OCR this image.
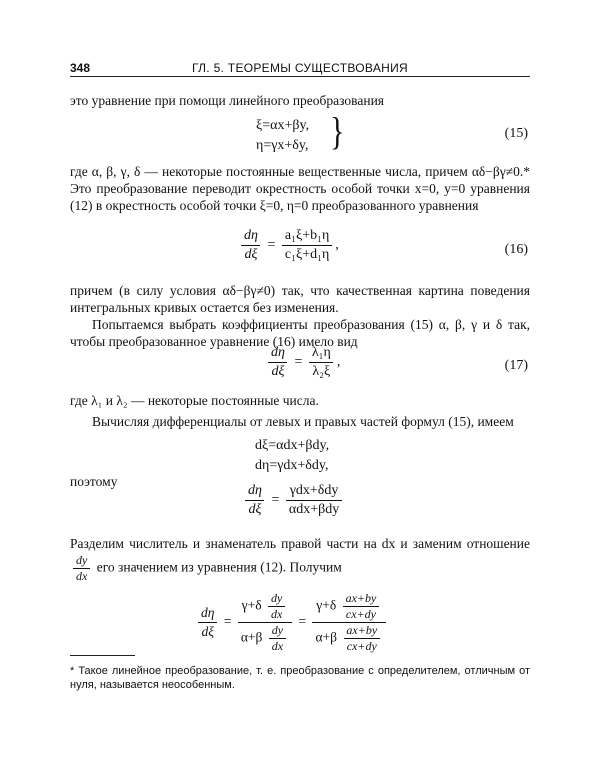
348	ГЛ. 5. ТЕОРЕМЫ СУЩЕСТВОВАНИЯ
это уравнение при помощи линейного преобразования
ξ=αx+βy,
η=γx+δy, }	(15)
где α, β, γ, δ — некоторые постоянные вещественные числа, причем αδ−βγ≠0.* Это преобразование переводит окрестность особой точки x=0, y=0 уравнения (12) в окрестность особой точки ξ=0, η=0 преобразованного уравнения
$\frac{d\eta}{d\xi} = \frac{\text{a₁ξ+b₁η}}{\text{c₁ξ+d₁η}}$ ,	(16)
причем (в силу условия αδ−βγ≠0) так, что качественная картина поведения интегральных кривых остается без изменения.
Попытаемся выбрать коэффициенты преобразования (15) α, β, γ и δ так, чтобы преобразованное уравнение (16) имело вид
$\frac{d\eta}{d\xi} = \frac{\text{λ₁η}}{\text{λ₂ξ}}$ ,	(17)
где λ₁ и λ₂ — некоторые постоянные числа.
Вычисляя дифференциалы от левых и правых частей формул (15), имеем
dξ=αdx+βdy,
dη=γdx+δdy,
поэтому
$\frac{d\eta}{d\xi} = \frac{\text{γdx+δdy}}{\text{αdx+βdy}}$
Разделим числитель и знаменатель правой части на dx и заменим отношение
$\frac{dy}{dx}$ его значением из уравнения (12). Получим
$\frac{d\eta}{d\xi} = \frac{\gamma+\delta \frac{dy}{dx}}{\alpha+\beta \frac{dy}{dx}} = \frac{\gamma+\delta \frac{ax+by}{cx+dy}}{\alpha+\beta \frac{ax+by}{cx+dy}}$
* Такое линейное преобразование, т. е. преобразование с определителем, отличным от нуля, называется неособенным.
